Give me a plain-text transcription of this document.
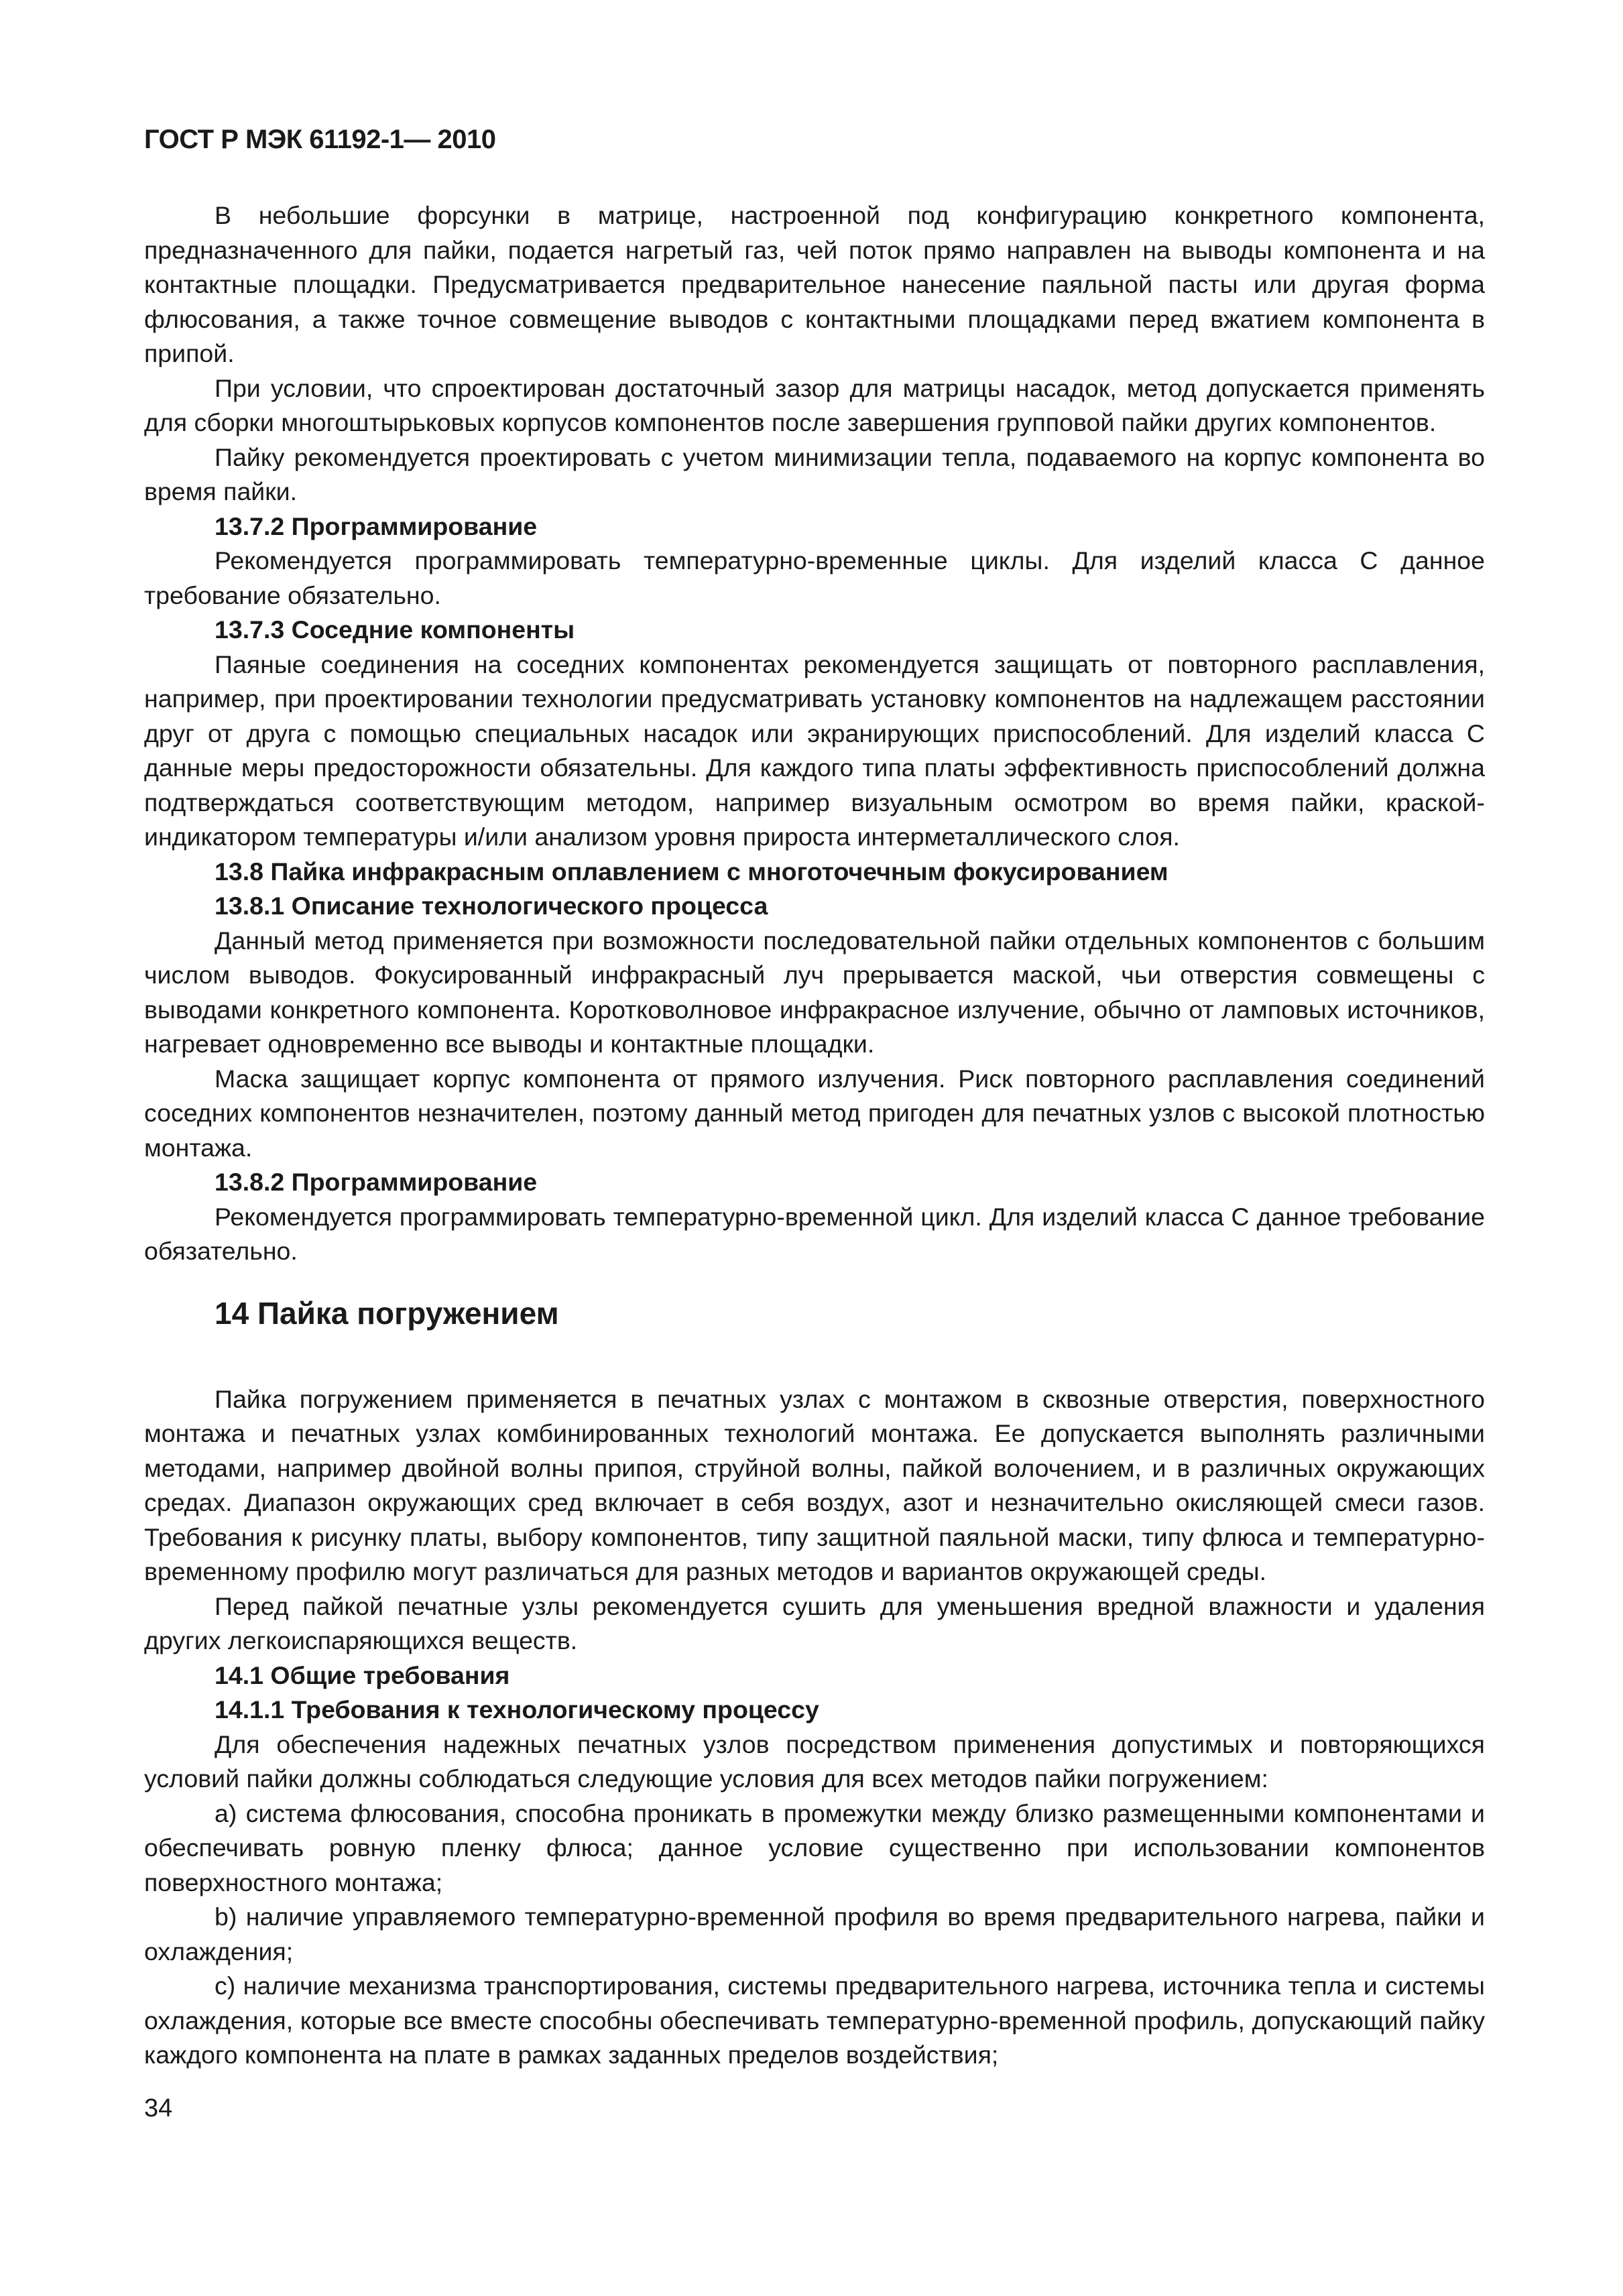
ГОСТ Р МЭК 61192-1— 2010

В небольшие форсунки в матрице, настроенной под конфигурацию конкретного компонента, предназначенного для пайки, подается нагретый газ, чей поток прямо направлен на выводы компонента и на контактные площадки. Предусматривается предварительное нанесение паяльной пасты или другая форма флюсования, а также точное совмещение выводов с контактными площадками перед вжатием компонента в припой.

При условии, что спроектирован достаточный зазор для матрицы насадок, метод допускается применять для сборки многоштырьковых корпусов компонентов после завершения групповой пайки других компонентов.

Пайку рекомендуется проектировать с учетом минимизации тепла, подаваемого на корпус компонента во время пайки.

13.7.2 Программирование

Рекомендуется программировать температурно-временные циклы. Для изделий класса С данное требование обязательно.

13.7.3 Соседние компоненты

Паяные соединения на соседних компонентах рекомендуется защищать от повторного расплавления, например, при проектировании технологии предусматривать установку компонентов на надлежащем расстоянии друг от друга с помощью специальных насадок или экранирующих приспособлений. Для изделий класса С данные меры предосторожности обязательны. Для каждого типа платы эффективность приспособлений должна подтверждаться соответствующим методом, например визуальным осмотром во время пайки, краской-индикатором температуры и/или анализом уровня прироста интерметаллического слоя.

13.8 Пайка инфракрасным оплавлением с многоточечным фокусированием

13.8.1 Описание технологического процесса

Данный метод применяется при возможности последовательной пайки отдельных компонентов с большим числом выводов. Фокусированный инфракрасный луч прерывается маской, чьи отверстия совмещены с выводами конкретного компонента. Коротковолновое инфракрасное излучение, обычно от ламповых источников, нагревает одновременно все выводы и контактные площадки.

Маска защищает корпус компонента от прямого излучения. Риск повторного расплавления соединений соседних компонентов незначителен, поэтому данный метод пригоден для печатных узлов с высокой плотностью монтажа.

13.8.2 Программирование

Рекомендуется программировать температурно-временной цикл. Для изделий класса С данное требование обязательно.

14 Пайка погружением

Пайка погружением применяется в печатных узлах с монтажом в сквозные отверстия, поверхностного монтажа и печатных узлах комбинированных технологий монтажа. Ее допускается выполнять различными методами, например двойной волны припоя, струйной волны, пайкой волочением, и в различных окружающих средах. Диапазон окружающих сред включает в себя воздух, азот и незначительно окисляющей смеси газов. Требования к рисунку платы, выбору компонентов, типу защитной паяльной маски, типу флюса и температурно-временному профилю могут различаться для разных методов и вариантов окружающей среды.

Перед пайкой печатные узлы рекомендуется сушить для уменьшения вредной влажности и удаления других легкоиспаряющихся веществ.

14.1 Общие требования

14.1.1 Требования к технологическому процессу

Для обеспечения надежных печатных узлов посредством применения допустимых и повторяющихся условий пайки должны соблюдаться следующие условия для всех методов пайки погружением:

a) система флюсования, способна проникать в промежутки между близко размещенными компонентами и обеспечивать ровную пленку флюса; данное условие существенно при использовании компонентов поверхностного монтажа;

b) наличие управляемого температурно-временной профиля во время предварительного нагрева, пайки и охлаждения;

c) наличие механизма транспортирования, системы предварительного нагрева, источника тепла и системы охлаждения, которые все вместе способны обеспечивать температурно-временной профиль, допускающий пайку каждого компонента на плате в рамках заданных пределов воздействия;

34
